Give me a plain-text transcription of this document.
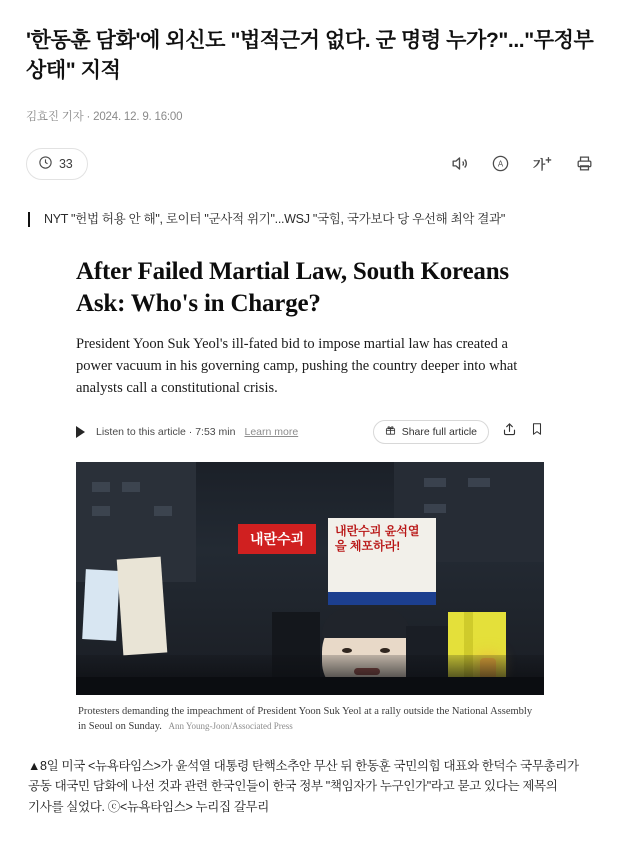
'한동훈 담화'에 외신도 "법적근거 없다. 군 명령 누가?"..."무정부 상태" 지적
김효진 기자 · 2024. 12. 9. 16:00
33	A 가
NYT "헌법 허용 안 해", 로이터 "군사적 위기"...WSJ "국힘, 국가보다 당 우선해 최악 결과"
After Failed Martial Law, South Koreans Ask: Who's in Charge?
President Yoon Suk Yeol's ill-fated bid to impose martial law has created a power vacuum in his governing camp, pushing the country deeper into what analysts call a constitutional crisis.
Listen to this article · 7:53 min Learn more	Share full article
내란수괴	내란수괴 윤석열을 체포하라!
Protesters demanding the impeachment of President Yoon Suk Yeol at a rally outside the National Assembly in Seoul on Sunday. Ann Young-Joon/Associated Press
▲8일 미국 <뉴욕타임스>가 윤석열 대통령 탄핵소추안 무산 뒤 한동훈 국민의힘 대표와 한덕수 국무총리가 공동 대국민 담화에 나선 것과 관련 한국인들이 한국 정부 "책임자가 누구인가"라고 묻고 있다는 제목의 기사를 실었다. ⓒ<뉴욕타임스> 누리집 갈무리
